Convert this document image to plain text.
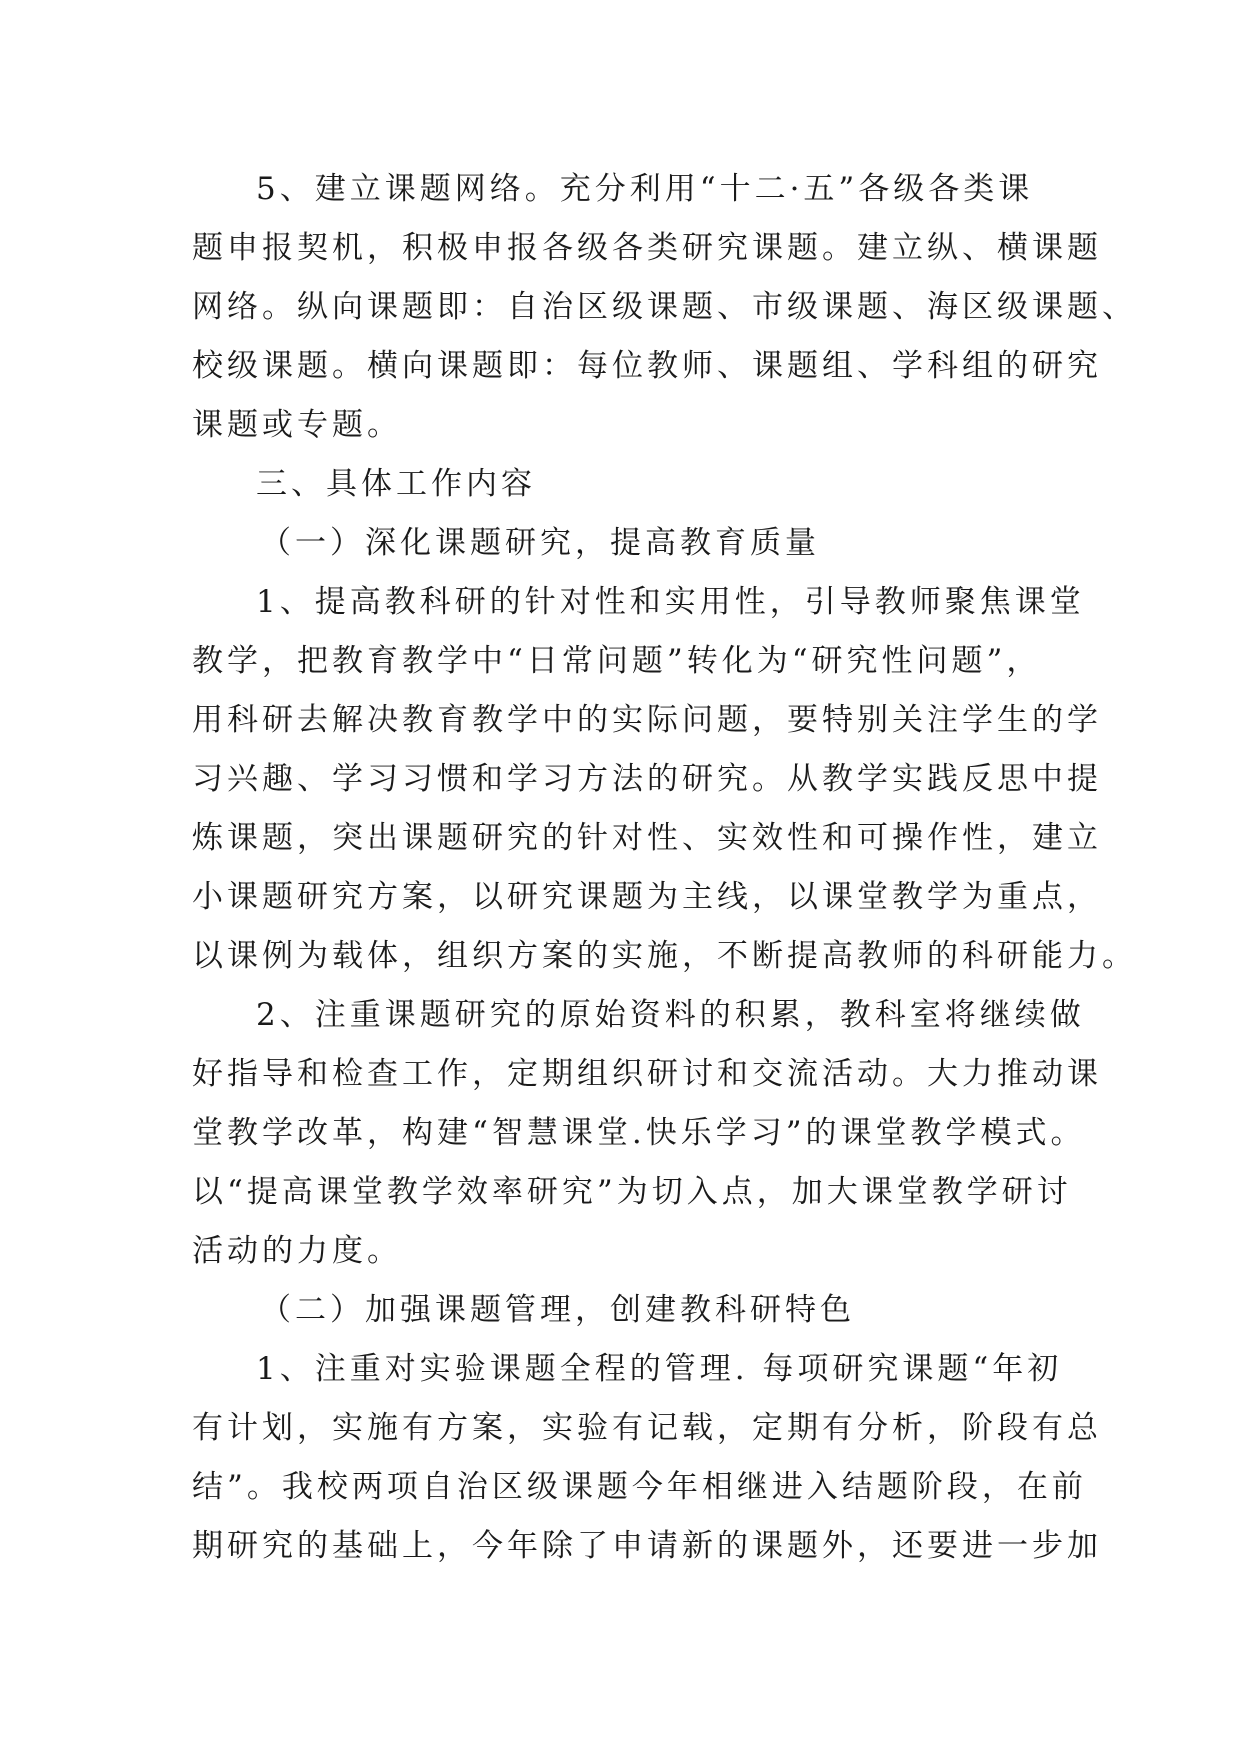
5、建立课题网络。充分利用“十二·五”各级各类课
题申报契机，积极申报各级各类研究课题。建立纵、横课题
网络。纵向课题即：自治区级课题、市级课题、海区级课题、
校级课题。横向课题即：每位教师、课题组、学科组的研究
课题或专题。
三、具体工作内容
（一）深化课题研究，提高教育质量
1、提高教科研的针对性和实用性，引导教师聚焦课堂
教学，把教育教学中“日常问题”转化为“研究性问题”，
用科研去解决教育教学中的实际问题，要特别关注学生的学
习兴趣、学习习惯和学习方法的研究。从教学实践反思中提
炼课题，突出课题研究的针对性、实效性和可操作性，建立
小课题研究方案，以研究课题为主线，以课堂教学为重点，
以课例为载体，组织方案的实施，不断提高教师的科研能力。
2、注重课题研究的原始资料的积累，教科室将继续做
好指导和检查工作，定期组织研讨和交流活动。大力推动课
堂教学改革，构建“智慧课堂.快乐学习”的课堂教学模式。
以“提高课堂教学效率研究”为切入点，加大课堂教学研讨
活动的力度。
（二）加强课题管理，创建教科研特色
1、注重对实验课题全程的管理. 每项研究课题“年初
有计划，实施有方案，实验有记载，定期有分析，阶段有总
结”。我校两项自治区级课题今年相继进入结题阶段，在前
期研究的基础上，今年除了申请新的课题外，还要进一步加
